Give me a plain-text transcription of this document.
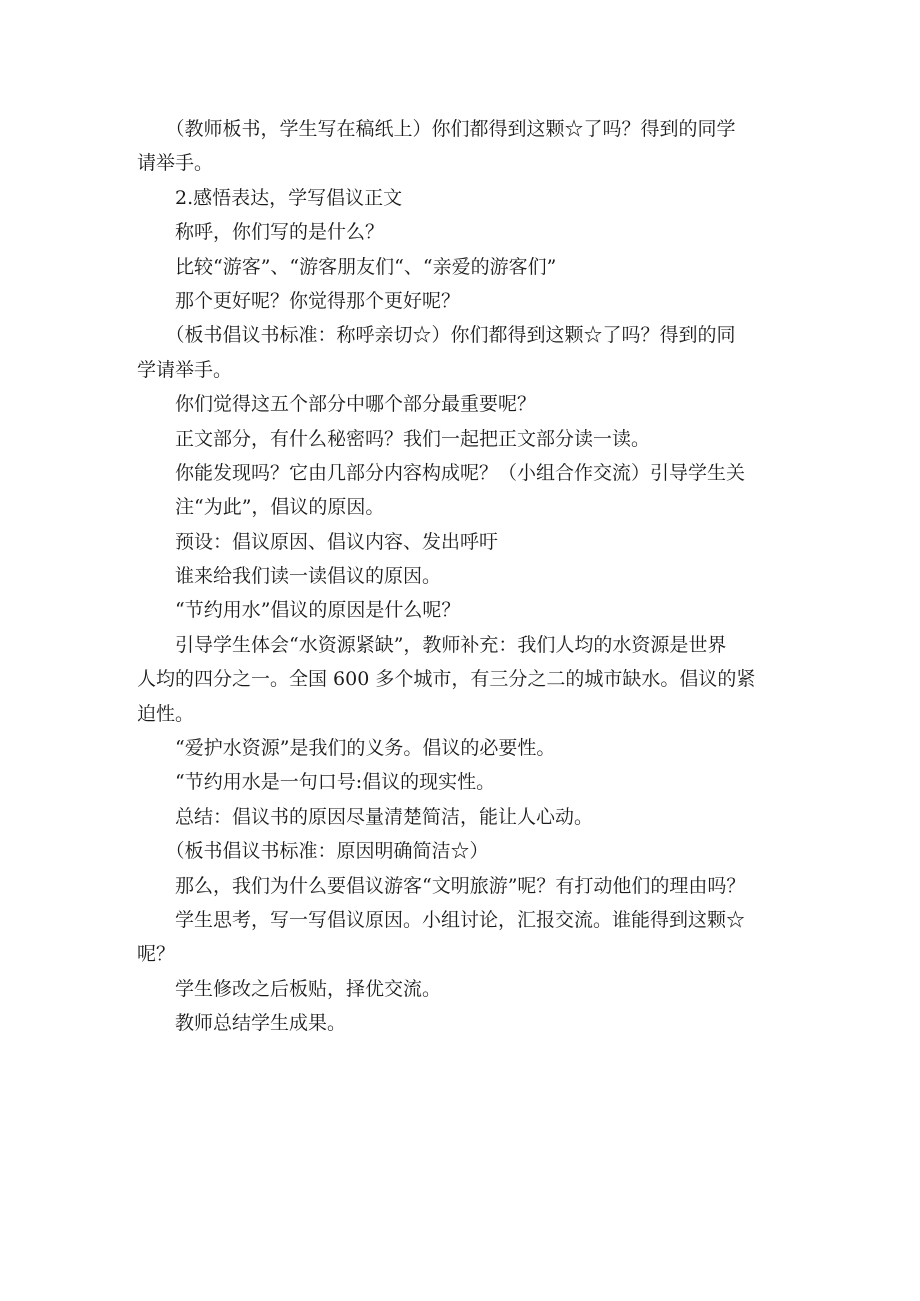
　　（教师板书，学生写在稿纸上）你们都得到这颗☆了吗？得到的同学
请举手。
　　2.感悟表达，学写倡议正文
　　称呼，你们写的是什么？
　　比较“游客”、“游客朋友们“、“亲爱的游客们”
　　那个更好呢？你觉得那个更好呢？
　　（板书倡议书标准：称呼亲切☆）你们都得到这颗☆了吗？得到的同
学请举手。
　　你们觉得这五个部分中哪个部分最重要呢？
　　正文部分，有什么秘密吗？我们一起把正文部分读一读。
　　你能发现吗？它由几部分内容构成呢？（小组合作交流）引导学生关
　　注“为此”，倡议的原因。
　　预设：倡议原因、倡议内容、发出呼吁
　　谁来给我们读一读倡议的原因。
　　“节约用水”倡议的原因是什么呢？
　　引导学生体会“水资源紧缺”，教师补充：我们人均的水资源是世界
人均的四分之一。全国 600 多个城市，有三分之二的城市缺水。倡议的紧
迫性。
　　“爱护水资源”是我们的义务。倡议的必要性。
　　“节约用水是一句口号:倡议的现实性。
　　总结：倡议书的原因尽量清楚简洁，能让人心动。
　　（板书倡议书标准：原因明确简洁☆）
　　那么，我们为什么要倡议游客“文明旅游”呢？有打动他们的理由吗？
　　学生思考，写一写倡议原因。小组讨论，汇报交流。谁能得到这颗☆
呢？
　　学生修改之后板贴，择优交流。
　　教师总结学生成果。
